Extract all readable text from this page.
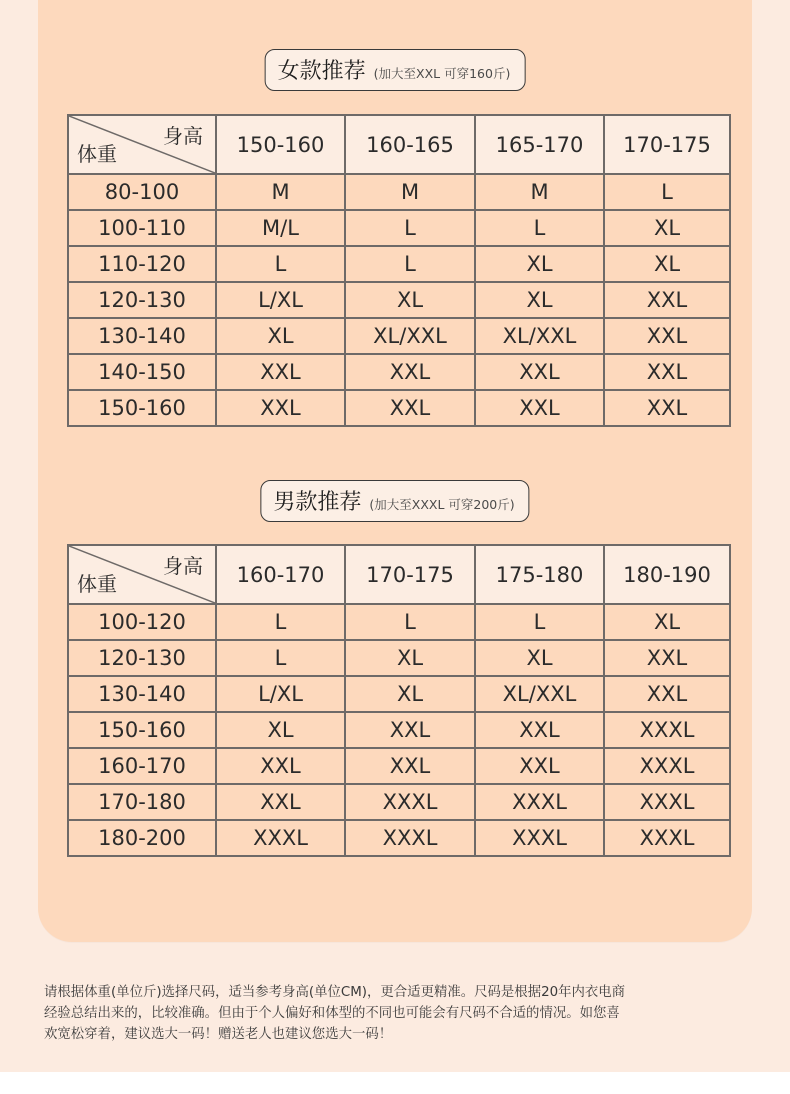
女款推荐 (加大至XXL 可穿160斤)
身高
体重	150-160	160-165	165-170	170-175
80-100	M	M	M	L
100-110	M/L	L	L	XL
110-120	L	L	XL	XL
120-130	L/XL	XL	XL	XXL
130-140	XL	XL/XXL	XL/XXL	XXL
140-150	XXL	XXL	XXL	XXL
150-160	XXL	XXL	XXL	XXL
男款推荐 (加大至XXXL 可穿200斤)
身高
体重	160-170	170-175	175-180	180-190
100-120	L	L	L	XL
120-130	L	XL	XL	XXL
130-140	L/XL	XL	XL/XXL	XXL
150-160	XL	XXL	XXL	XXXL
160-170	XXL	XXL	XXL	XXXL
170-180	XXL	XXXL	XXXL	XXXL
180-200	XXXL	XXXL	XXXL	XXXL
请根据体重(单位斤)选择尺码，适当参考身高(单位CM)，更合适更精准。尺码是根据20年内衣电商
经验总结出来的，比较准确。但由于个人偏好和体型的不同也可能会有尺码不合适的情况。如您喜
欢宽松穿着，建议选大一码！赠送老人也建议您选大一码！
